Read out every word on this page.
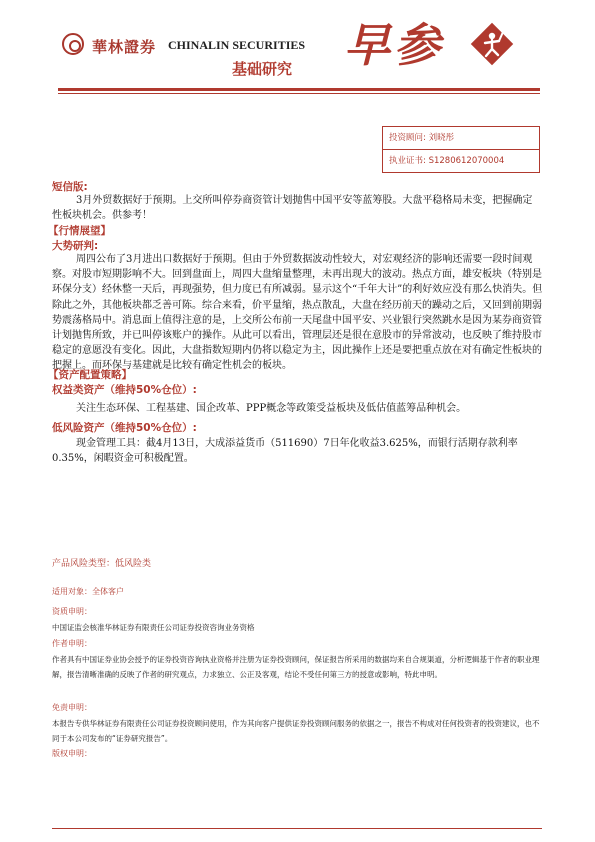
華林證券 CHINALIN SECURITIES
基础研究 早参
投资顾问: 刘晓彤
执业证书: S1280612070004
短信版:
3月外贸数据好于预期。上交所叫停券商资管计划抛售中国平安等蓝筹股。大盘平稳格局未变，把握确定性板块机会。供参考！
【行情展望】
大势研判:
周四公布了3月进出口数据好于预期。但由于外贸数据波动性较大，对宏观经济的影响还需要一段时间观察。对股市短期影响不大。回到盘面上，周四大盘缩量整理，未再出现大的波动。热点方面，雄安板块（特别是环保分支）经休整一天后，再现强势，但力度已有所减弱。显示这个“千年大计”的利好效应没有那么快消失。但除此之外，其他板块都乏善可陈。综合来看，价平量缩，热点散乱，大盘在经历前天的躁动之后，又回到前期弱势震荡格局中。消息面上值得注意的是，上交所公布前一天尾盘中国平安、兴业银行突然跳水是因为某券商资管计划抛售所致，并已叫停该账户的操作。从此可以看出，管理层还是很在意股市的异常波动，也反映了维持股市稳定的意愿没有变化。因此，大盘指数短期内仍将以稳定为主，因此操作上还是要把重点放在对有确定性板块的把握上。而环保与基建就是比较有确定性机会的板块。
【资产配置策略】
权益类资产（维持50%仓位）:
关注生态环保、工程基建、国企改革、PPP概念等政策受益板块及低估值蓝筹品种机会。
低风险资产（维持50%仓位）:
现金管理工具：截4月13日，大成添益货币（511690）7日年化收益3.625%，而银行活期存款利率0.35%，闲暇资金可积极配置。
产品风险类型：低风险类
适用对象：全体客户
资质申明：
中国证监会核准华林证券有限责任公司证券投资咨询业务资格
作者申明：
作者具有中国证券业协会授予的证券投资咨询执业资格并注册为证券投资顾问，保证报告所采用的数据均来自合规渠道，分析逻辑基于作者的职业理解，报告清晰准确的反映了作者的研究观点，力求独立、公正及客观，结论不受任何第三方的授意或影响，特此申明。
免责申明：
本报告专供华林证券有限责任公司证券投资顾问使用，作为其向客户提供证券投资顾问服务的依据之一，报告不构成对任何投资者的投资建议，也不同于本公司发布的“证券研究报告”。
版权申明：
